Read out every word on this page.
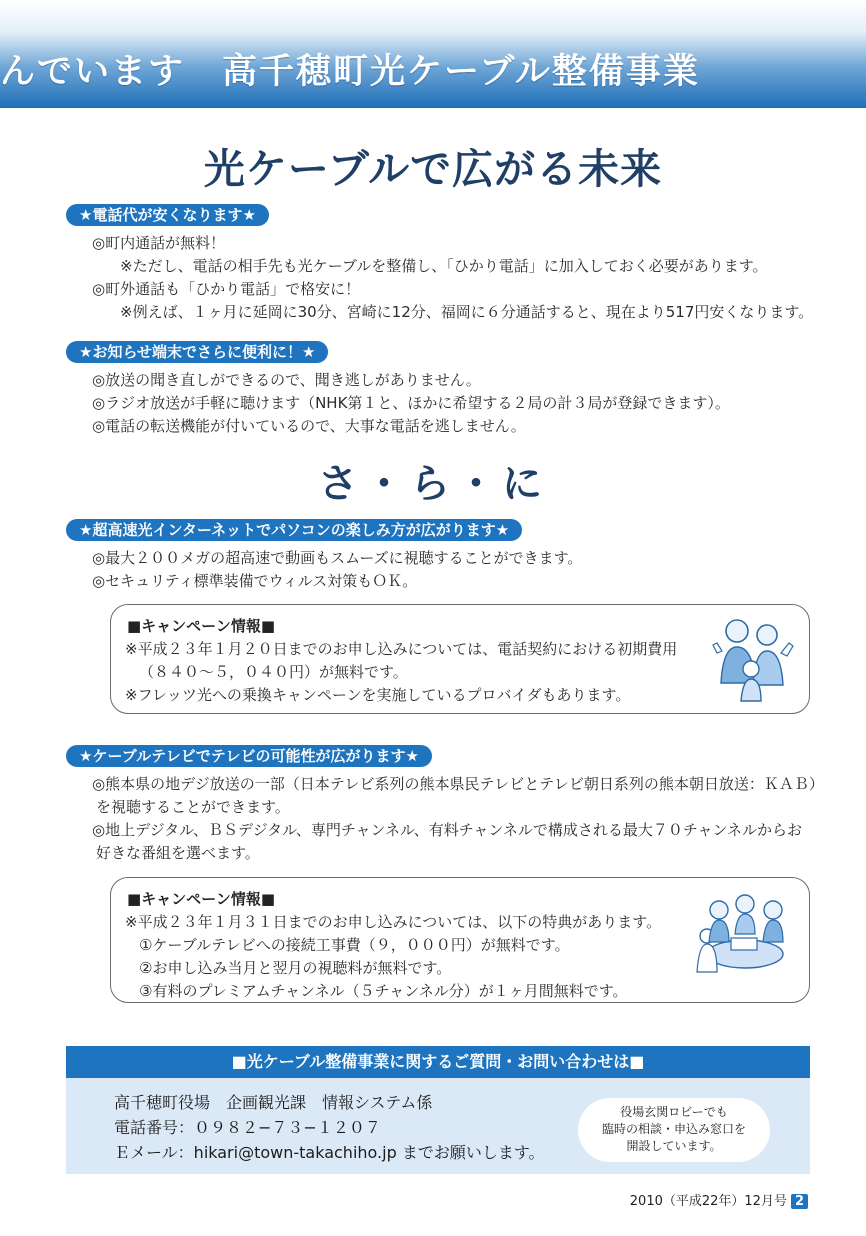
んでいます　高千穂町光ケーブル整備事業
光ケーブルで広がる未来
★電話代が安くなります★
◎町内通話が無料！
※ただし、電話の相手先も光ケーブルを整備し、「ひかり電話」に加入しておく必要があります。
◎町外通話も「ひかり電話」で格安に！
※例えば、１ヶ月に延岡に30分、宮崎に12分、福岡に６分通話すると、現在より517円安くなります。
★お知らせ端末でさらに便利に！★
◎放送の聞き直しができるので、聞き逃しがありません。
◎ラジオ放送が手軽に聴けます（NHK第１と、ほかに希望する２局の計３局が登録できます）。
◎電話の転送機能が付いているので、大事な電話を逃しません。
さ・ら・に
★超高速光インターネットでパソコンの楽しみ方が広がります★
◎最大２００メガの超高速で動画もスムーズに視聴することができます。
◎セキュリティ標準装備でウィルス対策もＯＫ。
■キャンペーン情報■
※平成２３年１月２０日までのお申し込みについては、電話契約における初期費用
（８４０～５，０４０円）が無料です。
※フレッツ光への乗換キャンペーンを実施しているプロバイダもあります。
★ケーブルテレビでテレビの可能性が広がります★
◎熊本県の地デジ放送の一部（日本テレビ系列の熊本県民テレビとテレビ朝日系列の熊本朝日放送：ＫＡＢ）
を視聴することができます。
◎地上デジタル、ＢＳデジタル、専門チャンネル、有料チャンネルで構成される最大７０チャンネルからお
好きな番組を選べます。
■キャンペーン情報■
※平成２３年１月３１日までのお申し込みについては、以下の特典があります。
①ケーブルテレビへの接続工事費（９，０００円）が無料です。
②お申し込み当月と翌月の視聴料が無料です。
③有料のプレミアムチャンネル（５チャンネル分）が１ヶ月間無料です。
■光ケーブル整備事業に関するご質問・お問い合わせは■
高千穂町役場　企画観光課　情報システム係
電話番号：０９８２−７３−１２０７
Ｅメール：hikari@town-takachiho.jp までお願いします。
役場玄関ロビーでも
臨時の相談・申込み窓口を
開設しています。
2010（平成22年）12月号 2
